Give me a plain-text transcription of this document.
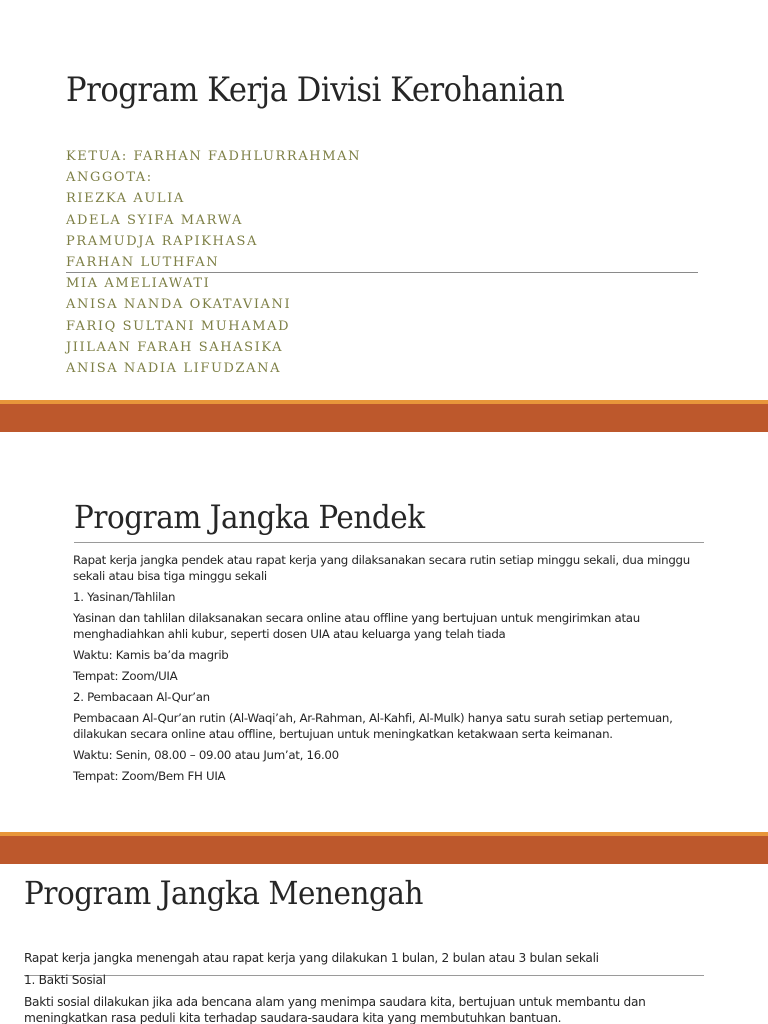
Program Kerja Divisi Kerohanian
KETUA: FARHAN FADHLURRAHMAN
ANGGOTA:
RIEZKA AULIA
ADELA SYIFA MARWA
PRAMUDJA RAPIKHASA
FARHAN LUTHFAN
MIA AMELIAWATI
ANISA NANDA OKATAVIANI
FARIQ SULTANI MUHAMAD
JIILAAN FARAH SAHASIKA
ANISA NADIA LIFUDZANA
Program Jangka Pendek

Rapat kerja jangka pendek atau rapat kerja yang dilaksanakan secara rutin setiap minggu sekali, dua minggu sekali atau bisa tiga minggu sekali

1. Yasinan/Tahlilan

Yasinan dan tahlilan dilaksanakan secara online atau offline yang bertujuan untuk mengirimkan atau menghadiahkan ahli kubur, seperti dosen UIA atau keluarga yang telah tiada

Waktu: Kamis ba’da magrib

Tempat: Zoom/UIA

2. Pembacaan Al-Qur’an

Pembacaan Al-Qur’an rutin (Al-Waqi’ah, Ar-Rahman, Al-Kahfi, Al-Mulk) hanya satu surah setiap pertemuan, dilakukan secara online atau offline, bertujuan untuk meningkatkan ketakwaan serta keimanan.

Waktu: Senin, 08.00 – 09.00 atau Jum’at, 16.00

Tempat: Zoom/Bem FH UIA

Program Jangka Menengah

Rapat kerja jangka menengah atau rapat kerja yang dilakukan 1 bulan, 2 bulan atau 3 bulan sekali

1. Bakti Sosial

Bakti sosial dilakukan jika ada bencana alam yang menimpa saudara kita, bertujuan untuk membantu dan meningkatkan rasa peduli kita terhadap saudara-saudara kita yang membutuhkan bantuan.
